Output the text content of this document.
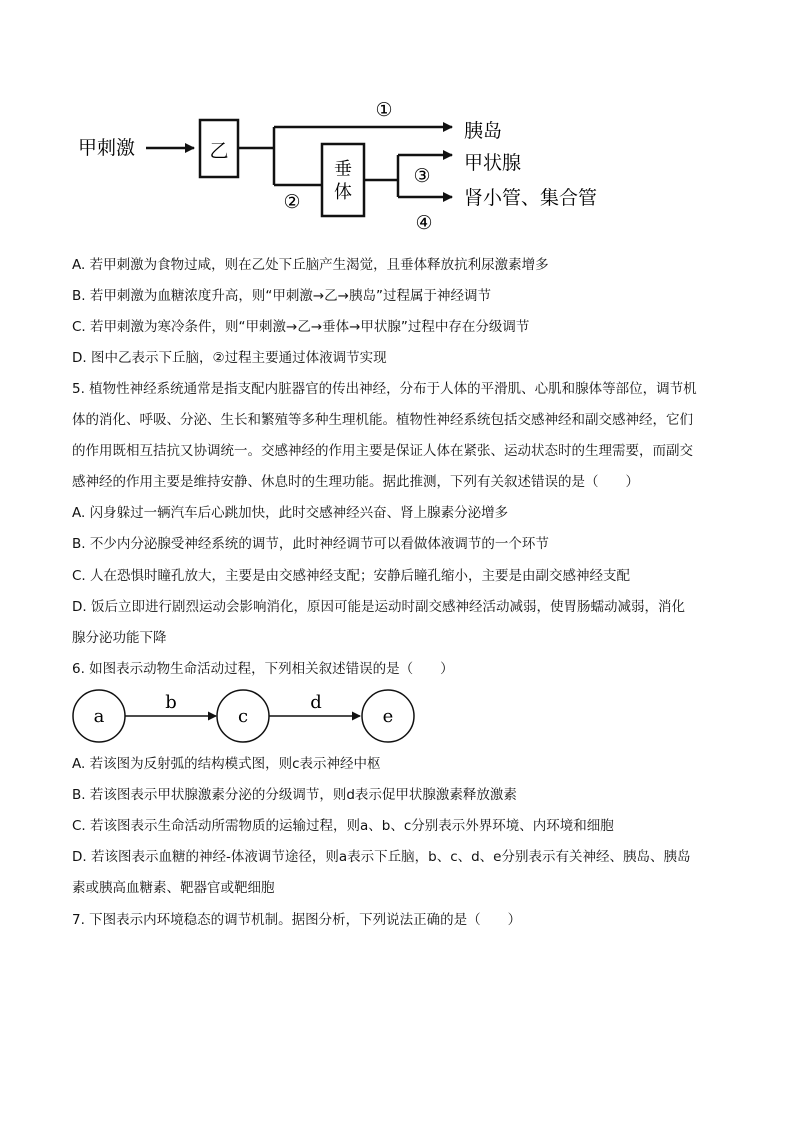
甲刺激	乙
垂
体
①
②
③
④
胰岛
甲状腺
肾小管、集合管
A. 若甲刺激为食物过咸，则在乙处下丘脑产生渴觉，且垂体释放抗利尿激素增多
B. 若甲刺激为血糖浓度升高，则“甲刺激→乙→胰岛”过程属于神经调节
C. 若甲刺激为寒冷条件，则“甲刺激→乙→垂体→甲状腺”过程中存在分级调节
D. 图中乙表示下丘脑，②过程主要通过体液调节实现
5. 植物性神经系统通常是指支配内脏器官的传出神经，分布于人体的平滑肌、心肌和腺体等部位，调节机
体的消化、呼吸、分泌、生长和繁殖等多种生理机能。植物性神经系统包括交感神经和副交感神经，它们
的作用既相互拮抗又协调统一。交感神经的作用主要是保证人体在紧张、运动状态时的生理需要，而副交
感神经的作用主要是维持安静、休息时的生理功能。据此推测，下列有关叙述错误的是（　　）
A. 闪身躲过一辆汽车后心跳加快，此时交感神经兴奋、肾上腺素分泌增多
B. 不少内分泌腺受神经系统的调节，此时神经调节可以看做体液调节的一个环节
C. 人在恐惧时瞳孔放大，主要是由交感神经支配；安静后瞳孔缩小，主要是由副交感神经支配
D. 饭后立即进行剧烈运动会影响消化，原因可能是运动时副交感神经活动减弱，使胃肠蠕动减弱，消化
腺分泌功能下降
6. 如图表示动物生命活动过程，下列相关叙述错误的是（　　）
a
b
c
d
e
A. 若该图为反射弧的结构模式图，则c表示神经中枢
B. 若该图表示甲状腺激素分泌的分级调节，则d表示促甲状腺激素释放激素
C. 若该图表示生命活动所需物质的运输过程，则a、b、c分别表示外界环境、内环境和细胞
D. 若该图表示血糖的神经-体液调节途径，则a表示下丘脑，b、c、d、e分别表示有关神经、胰岛、胰岛
素或胰高血糖素、靶器官或靶细胞
7. 下图表示内环境稳态的调节机制。据图分析，下列说法正确的是（　　）
